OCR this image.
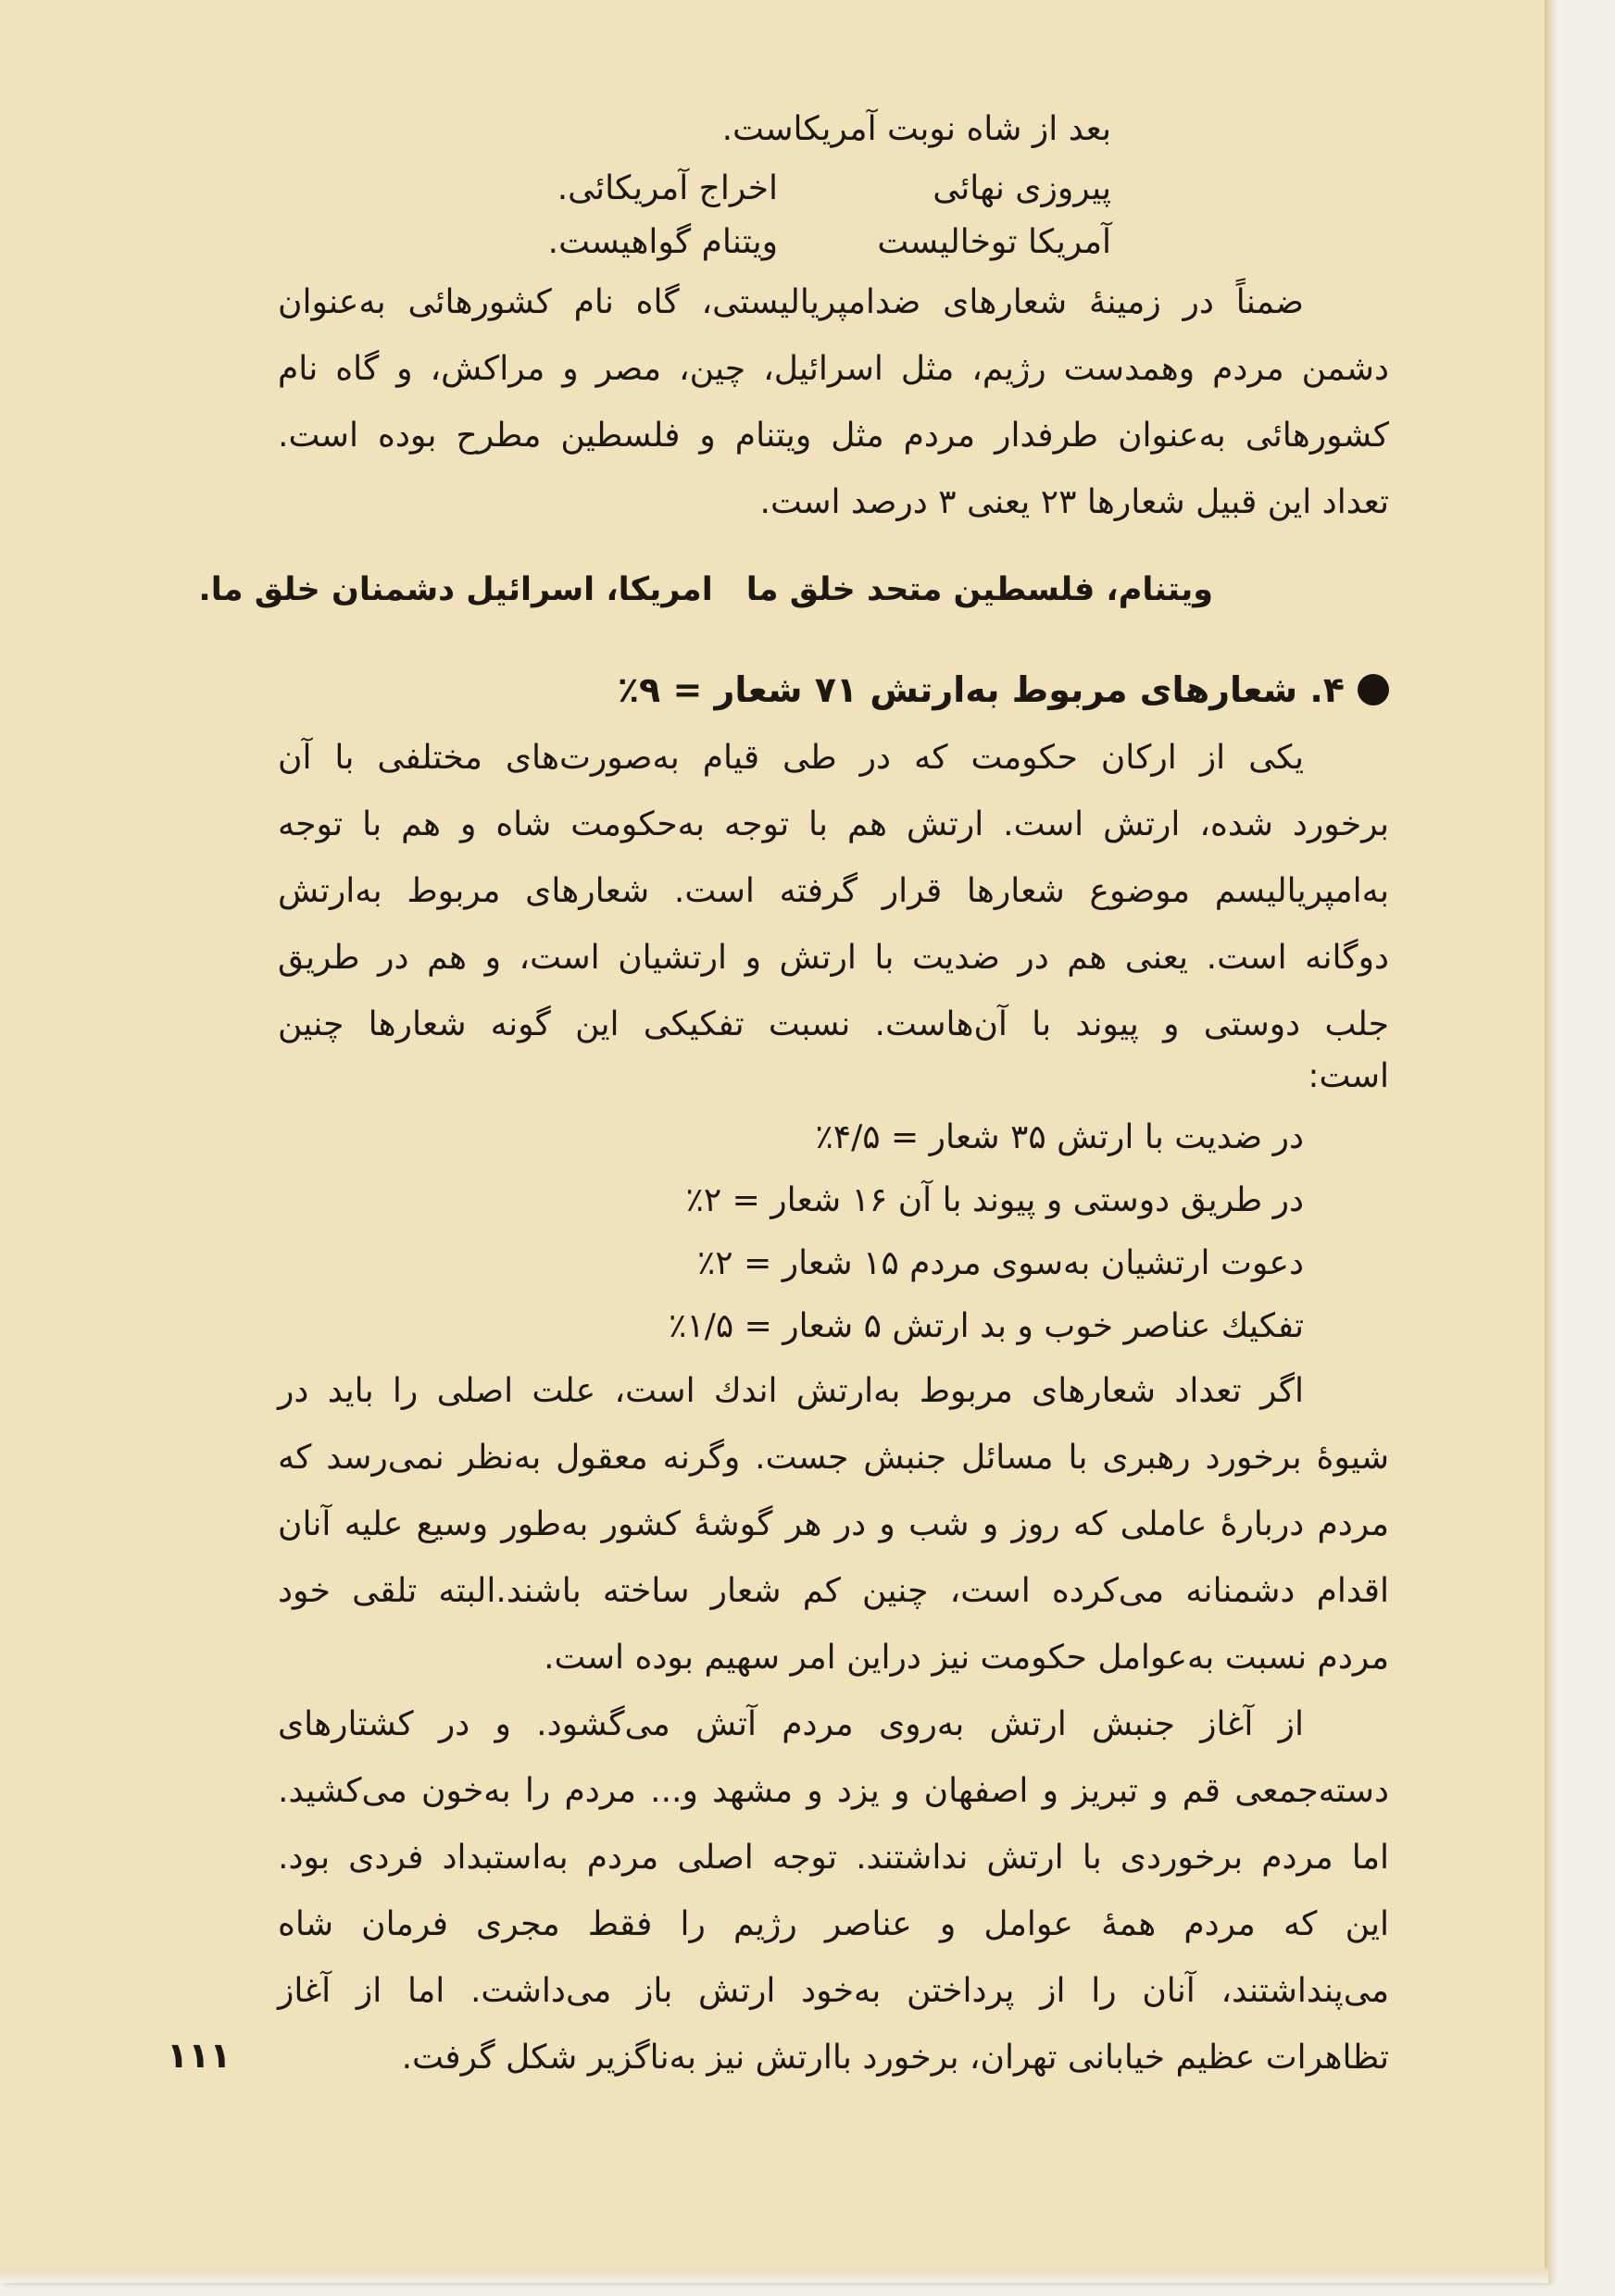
بعد از شاه نوبت آمریکاست.
پیروزی نهائی
اخراج آمریکائی.
آمریکا توخالیست
ویتنام گواهیست.
ضمناً در زمینهٔ شعارهای ضدامپریالیستی، گاه نام کشورهائی به‌عنوان
دشمن مردم وهمدست رژیم، مثل اسرائیل، چین، مصر و مراکش، و گاه نام
کشورهائی به‌عنوان طرفدار مردم مثل ویتنام و فلسطین مطرح بوده است.
تعداد این قبیل شعارها ۲۳ یعنی ۳ درصد است.
ویتنام، فلسطین متحد خلق ماامریکا، اسرائیل دشمنان خلق ما.
۴. شعارهای مربوط به‌ارتش ۷۱ شعار = ۹٪
یکی از ارکان حکومت که در طی قیام به‌صورت‌های مختلفی با آن
برخورد شده، ارتش است. ارتش هم با توجه به‌حکومت شاه و هم با توجه
به‌امپریالیسم موضوع شعارها قرار گرفته است. شعارهای مربوط به‌ارتش
دوگانه است. یعنی هم در ضدیت با ارتش و ارتشیان است، و هم در طریق
جلب دوستی و پیوند با آن‌هاست. نسبت تفکیکی این گونه شعارها چنین
است:
در ضدیت با ارتش ۳۵ شعار = ۴/۵٪
در طریق دوستی و پیوند با آن ۱۶ شعار = ۲٪
دعوت ارتشیان به‌سوی مردم ۱۵ شعار = ۲٪
تفکیك عناصر خوب و بد ارتش ۵ شعار = ۱/۵٪
اگر تعداد شعارهای مربوط به‌ارتش اندك است، علت اصلی را باید در
شیوهٔ برخورد رهبری با مسائل جنبش جست. وگرنه معقول به‌نظر نمی‌رسد که
مردم دربارهٔ عاملی که روز و شب و در هر گوشهٔ کشور به‌طور وسیع علیه آنان
اقدام دشمنانه می‌کرده است، چنین کم شعار ساخته باشند.البته تلقی خود
مردم نسبت به‌عوامل حکومت نیز دراین امر سهیم بوده است.
از آغاز جنبش ارتش به‌روی مردم آتش می‌گشود. و در کشتارهای
دسته‌جمعی قم و تبریز و اصفهان و یزد و مشهد و... مردم را به‌خون می‌کشید.
اما مردم برخوردی با ارتش نداشتند. توجه اصلی مردم به‌استبداد فردی بود.
این که مردم همهٔ عوامل و عناصر رژیم را فقط مجری فرمان شاه
می‌پنداشتند، آنان را از پرداختن به‌خود ارتش باز می‌داشت. اما از آغاز
تظاهرات عظیم خیابانی تهران، برخورد باارتش نیز به‌ناگزیر شکل گرفت.
۱۱۱
